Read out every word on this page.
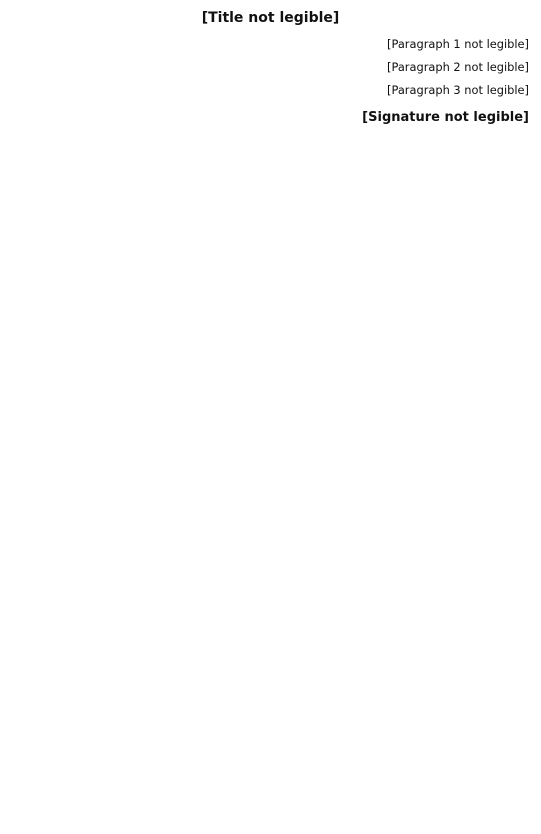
[Title not legible]

[Paragraph 1 not legible]

[Paragraph 2 not legible]

[Paragraph 3 not legible]

[Signature not legible]
